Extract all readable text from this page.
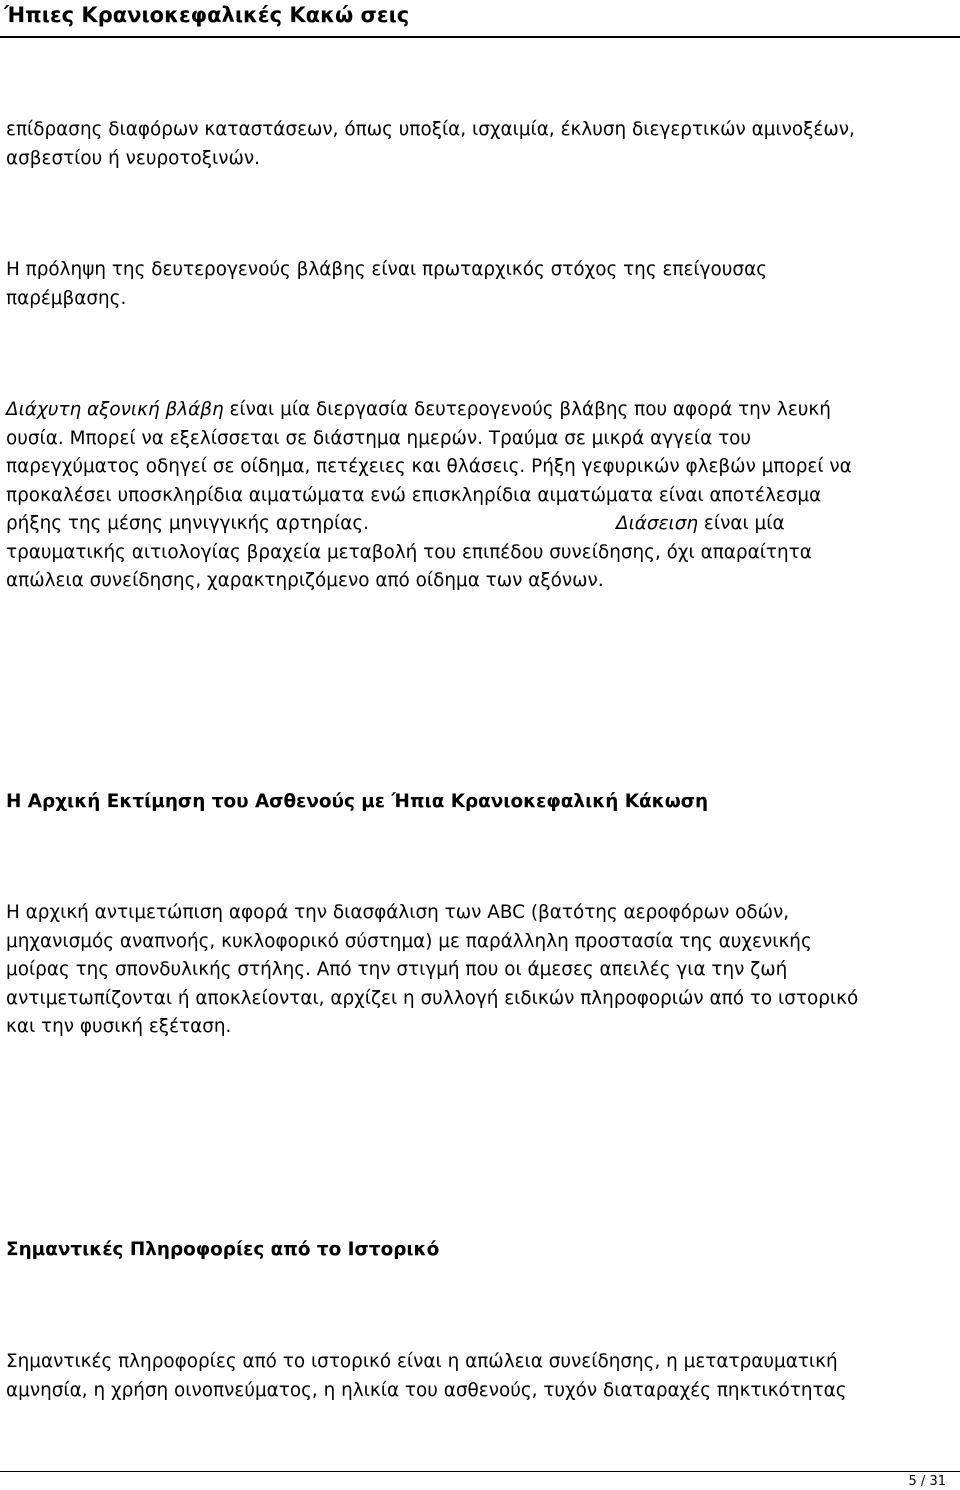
Ήπιες Κρανιοκεφαλικές Κακώ σεις
επίδρασης διαφόρων καταστάσεων, όπως υποξία, ισχαιμία, έκλυση διεγερτικών αμινοξέων,
ασβεστίου ή νευροτοξινών.
Η πρόληψη της δευτερογενούς βλάβης είναι πρωταρχικός στόχος της επείγουσας
παρέμβασης.
Διάχυτη αξονική βλάβη είναι μία διεργασία δευτερογενούς βλάβης που αφορά την λευκή
ουσία. Μπορεί να εξελίσσεται σε διάστημα ημερών. Τραύμα σε μικρά αγγεία του
παρεγχύματος οδηγεί σε οίδημα, πετέχειες και θλάσεις. Ρήξη γεφυρικών φλεβών μπορεί να
προκαλέσει υποσκληρίδια αιματώματα ενώ επισκληρίδια αιματώματα είναι αποτέλεσμα
ρήξης της μέσης μηνιγγικής αρτηρίας.	Διάσειση είναι μία
τραυματικής αιτιολογίας βραχεία μεταβολή του επιπέδου συνείδησης, όχι απαραίτητα
απώλεια συνείδησης, χαρακτηριζόμενο από οίδημα των αξόνων.
Η Αρχική Εκτίμηση του Ασθενούς με Ήπια Κρανιοκεφαλική Κάκωση
Η αρχική αντιμετώπιση αφορά την διασφάλιση των ABC (βατότης αεροφόρων οδών,
μηχανισμός αναπνοής, κυκλοφορικό σύστημα) με παράλληλη προστασία της αυχενικής
μοίρας της σπονδυλικής στήλης. Από την στιγμή που οι άμεσες απειλές για την ζωή
αντιμετωπίζονται ή αποκλείονται, αρχίζει η συλλογή ειδικών πληροφοριών από το ιστορικό
και την φυσική εξέταση.
Σημαντικές Πληροφορίες από το Ιστορικό
Σημαντικές πληροφορίες από το ιστορικό είναι η απώλεια συνείδησης, η μετατραυματική
αμνησία, η χρήση οινοπνεύματος, η ηλικία του ασθενούς, τυχόν διαταραχές πηκτικότητας
5 / 31
